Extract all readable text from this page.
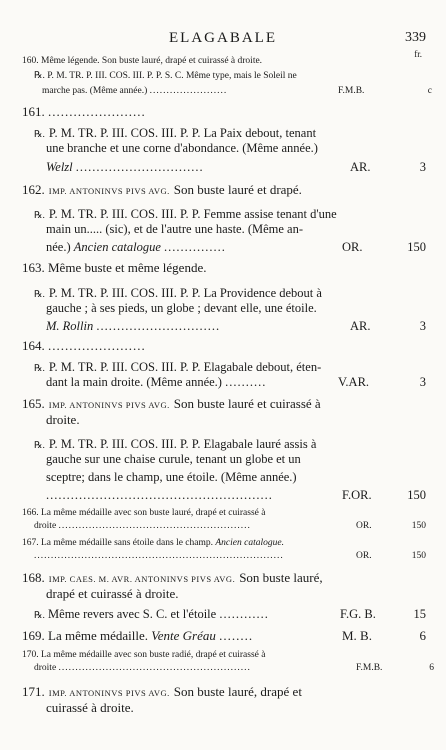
ELAGABALE	339
fr.
160. Même légende. Son buste lauré, drapé et cuirassé à droite.
℞. P. M. TR. P. III. COS. III. P. P. S. C. Même type, mais le Soleil ne
marche pas. (Même année.) .......................	F.M.B.	c
161. .......................
℞. P. M. TR. P. III. COS. III. P. P. La Paix debout, tenant
une branche et une corne d'abondance. (Même année.)
Welzl ...............................	AR.	3
162. IMP. ANTONINVS PIVS AVG. Son buste lauré et drapé.
℞. P. M. TR. P. III. COS. III. P. P. Femme assise tenant d'une
main un..... (sic), et de l'autre une haste. (Même an-
née.) Ancien catalogue ...............	OR.	150
163. Même buste et même légende.
℞. P. M. TR. P. III. COS. III. P. P. La Providence debout à
gauche ; à ses pieds, un globe ; devant elle, une étoile.
M. Rollin ..............................	AR.	3
164. .......................
℞. P. M. TR. P. III. COS. III. P. P. Elagabale debout, éten-
dant la main droite. (Même année.) ..........	V.AR.	3
165. IMP. ANTONINVS PIVS AVG. Son buste lauré et cuirassé à
droite.
℞. P. M. TR. P. III. COS. III. P. P. Elagabale lauré assis à
gauche sur une chaise curule, tenant un globe et un
sceptre; dans le champ, une étoile. (Même année.)
.......................................................	F.OR.	150
166. La même médaille avec son buste lauré, drapé et cuirassé à
droite .........................................................	OR.	150
167. La même médaille sans étoile dans le champ. Ancien catalogue.
..........................................................................	OR.	150
168. IMP. CAES. M. AVR. ANTONINVS PIVS AVG. Son buste lauré,
drapé et cuirassé à droite.
℞. Même revers avec S. C. et l'étoile ............	F.G. B.	15
169. La même médaille. Vente Gréau ........	M. B.	6
170. La même médaille avec son buste radié, drapé et cuirassé à
droite .........................................................	F.M.B.	6
171. IMP. ANTONINVS PIVS AVG. Son buste lauré, drapé et
cuirassé à droite.
